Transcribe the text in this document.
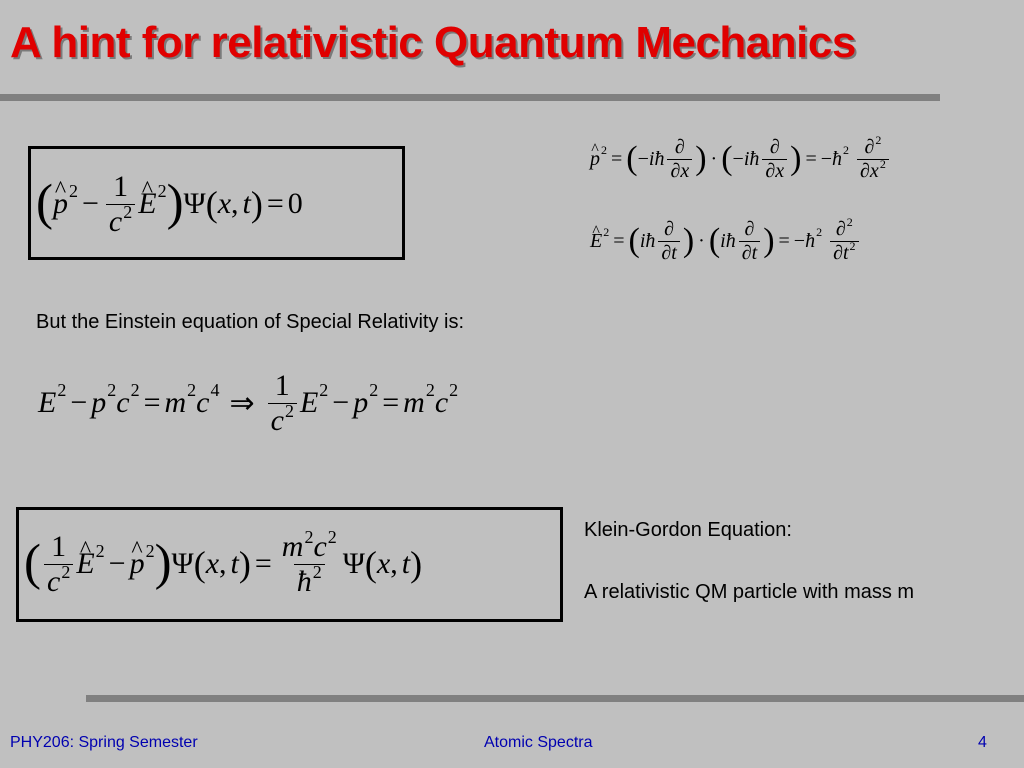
A hint for relativistic Quantum Mechanics
( ^ p $2 - \frac{1}{c^2}$ ^ E 2 ) Ψ ( x , t ) = 0
^ p 2 = ( − i ħ $\frac{\partial}{\partial x}$ ) · ( − i ħ $\frac{\partial}{\partial x}$ ) = − ħ $2 \frac{\partial^2}{\partial x^2}$
^ E 2 = ( i ħ $\frac{\partial}{\partial t}$ ) · ( i ħ $\frac{\partial}{\partial t}$ ) = − ħ $2 \frac{\partial^2}{\partial t^2}$
But the Einstein equation of Special Relativity is:
E 2 − p 2 c 2 = m 2 c 4 ⇒ $\frac{1}{c^2}$ E 2 − p 2 = m 2 c 2
( $\frac{1}{c^2}$ ^ E 2 − ^ p 2 ) Ψ ( x , t ) = $\frac{m^2c^2}{ħ^2}$ Ψ ( x , t )
Klein-Gordon Equation:
A relativistic QM particle with mass m
PHY206: Spring Semester	Atomic Spectra	4
